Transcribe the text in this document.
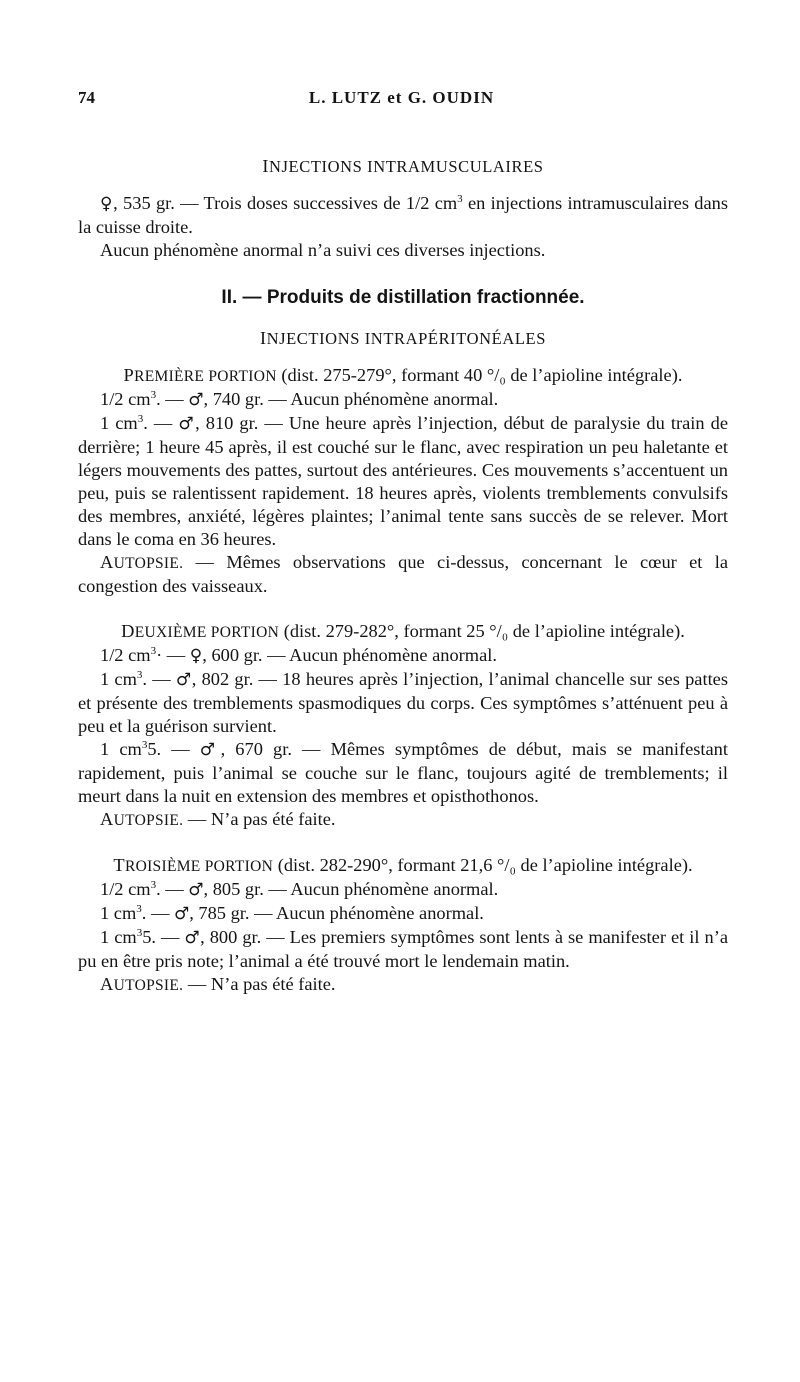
74	L. LUTZ et G. OUDIN
INJECTIONS INTRAMUSCULAIRES

♀, 535 gr. — Trois doses successives de 1/2 $cm^3$ en injections intramusculaires dans la cuisse droite.

Aucun phénomène anormal n’a suivi ces diverses injections.

II. — Produits de distillation fractionnée.
INJECTIONS INTRAPÉRITONÉALES
PREMIÈRE PORTION (dist. 275-279°, formant 40 °/₀ de l’apioline intégrale).

1/2 $cm^3$. — ♂, 740 gr. — Aucun phénomène anormal.

1 $cm^3$. — ♂, 810 gr. — Une heure après l’injection, début de paralysie du train de derrière; 1 heure 45 après, il est couché sur le flanc, avec respiration un peu haletante et légers mouvements des pattes, surtout des antérieures. Ces mouvements s’accentuent un peu, puis se ralentissent rapidement. 18 heures après, violents tremblements convulsifs des membres, anxiété, légères plaintes; l’animal tente sans succès de se relever. Mort dans le coma en 36 heures.

AUTOPSIE. — Mêmes observations que ci-dessus, concernant le cœur et la congestion des vaisseaux.

DEUXIÈME PORTION (dist. 279-282°, formant 25 °/₀ de l’apioline intégrale).

1/2 $cm^3\cdot$ — ♀, 600 gr. — Aucun phénomène anormal.

1 $cm^3$. — ♂, 802 gr. — 18 heures après l’injection, l’animal chancelle sur ses pattes et présente des tremblements spasmodiques du corps. Ces symptômes s’atténuent peu à peu et la guérison survient.

1 $cm^35$. — ♂, 670 gr. — Mêmes symptômes de début, mais se manifestant rapidement, puis l’animal se couche sur le flanc, toujours agité de tremblements; il meurt dans la nuit en extension des membres et opisthothonos.

AUTOPSIE. — N’a pas été faite.

TROISIÈME PORTION (dist. 282-290°, formant 21,6 °/₀ de l’apioline intégrale).

1/2 $cm^3$. — ♂, 805 gr. — Aucun phénomène anormal.

1 $cm^3$. — ♂, 785 gr. — Aucun phénomène anormal.

1 $cm^35$. — ♂, 800 gr. — Les premiers symptômes sont lents à se manifester et il n’a pu en être pris note; l’animal a été trouvé mort le lendemain matin.

AUTOPSIE. — N’a pas été faite.
